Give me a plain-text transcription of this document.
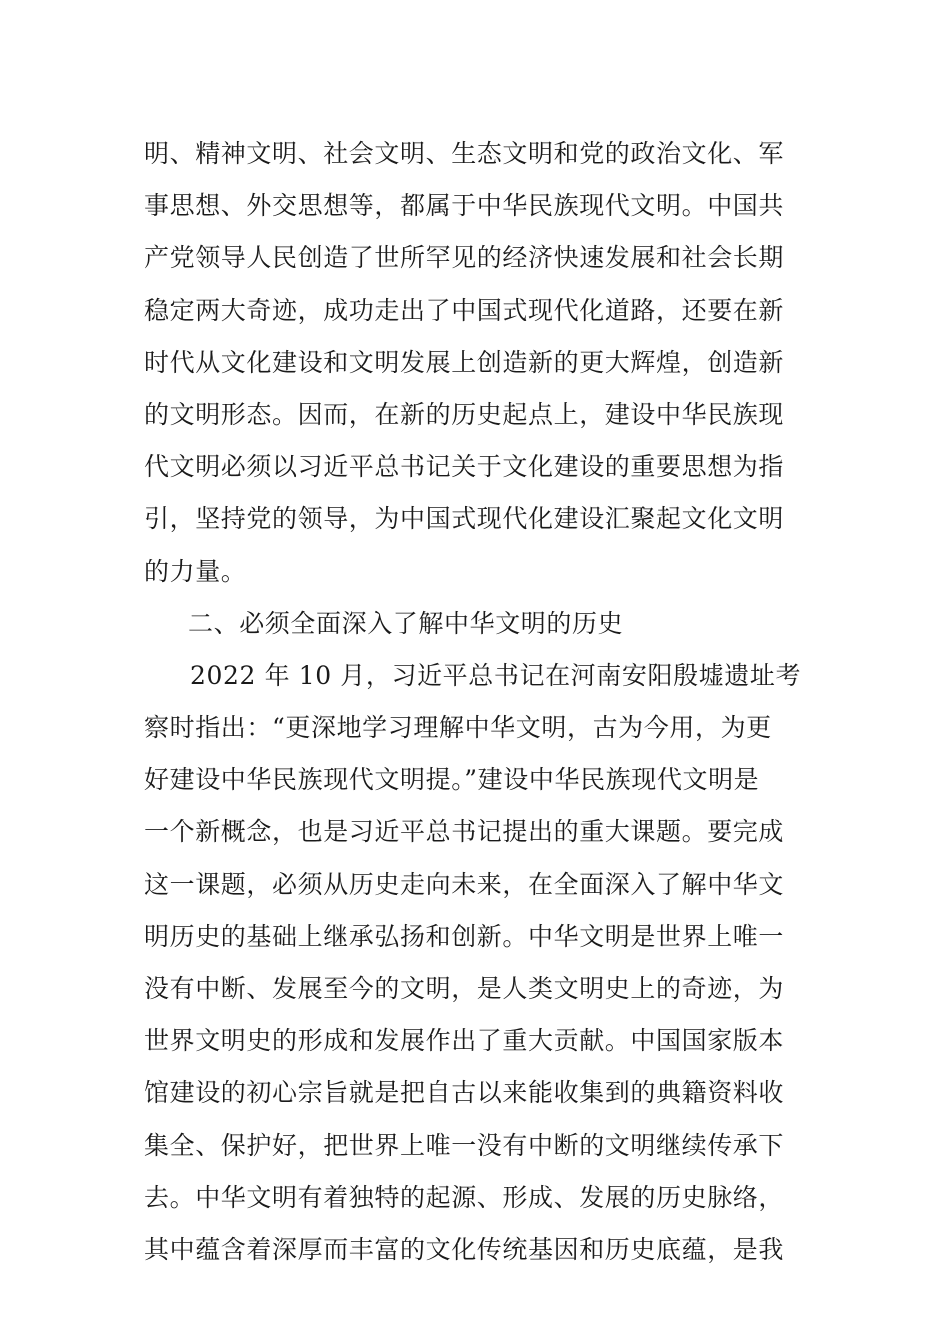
明、精神文明、社会文明、生态文明和党的政治文化、军
事思想、外交思想等，都属于中华民族现代文明。中国共
产党领导人民创造了世所罕见的经济快速发展和社会长期
稳定两大奇迹，成功走出了中国式现代化道路，还要在新
时代从文化建设和文明发展上创造新的更大辉煌，创造新
的文明形态。因而，在新的历史起点上，建设中华民族现
代文明必须以习近平总书记关于文化建设的重要思想为指
引，坚持党的领导，为中国式现代化建设汇聚起文化文明
的力量。
二、必须全面深入了解中华文明的历史
2022 年 10 月，习近平总书记在河南安阳殷墟遗址考
察时指出：“更深地学习理解中华文明，古为今用，为更
好建设中华民族现代文明提。”建设中华民族现代文明是
一个新概念，也是习近平总书记提出的重大课题。要完成
这一课题，必须从历史走向未来，在全面深入了解中华文
明历史的基础上继承弘扬和创新。中华文明是世界上唯一
没有中断、发展至今的文明，是人类文明史上的奇迹，为
世界文明史的形成和发展作出了重大贡献。中国国家版本
馆建设的初心宗旨就是把自古以来能收集到的典籍资料收
集全、保护好，把世界上唯一没有中断的文明继续传承下
去。中华文明有着独特的起源、形成、发展的历史脉络，
其中蕴含着深厚而丰富的文化传统基因和历史底蕴，是我
